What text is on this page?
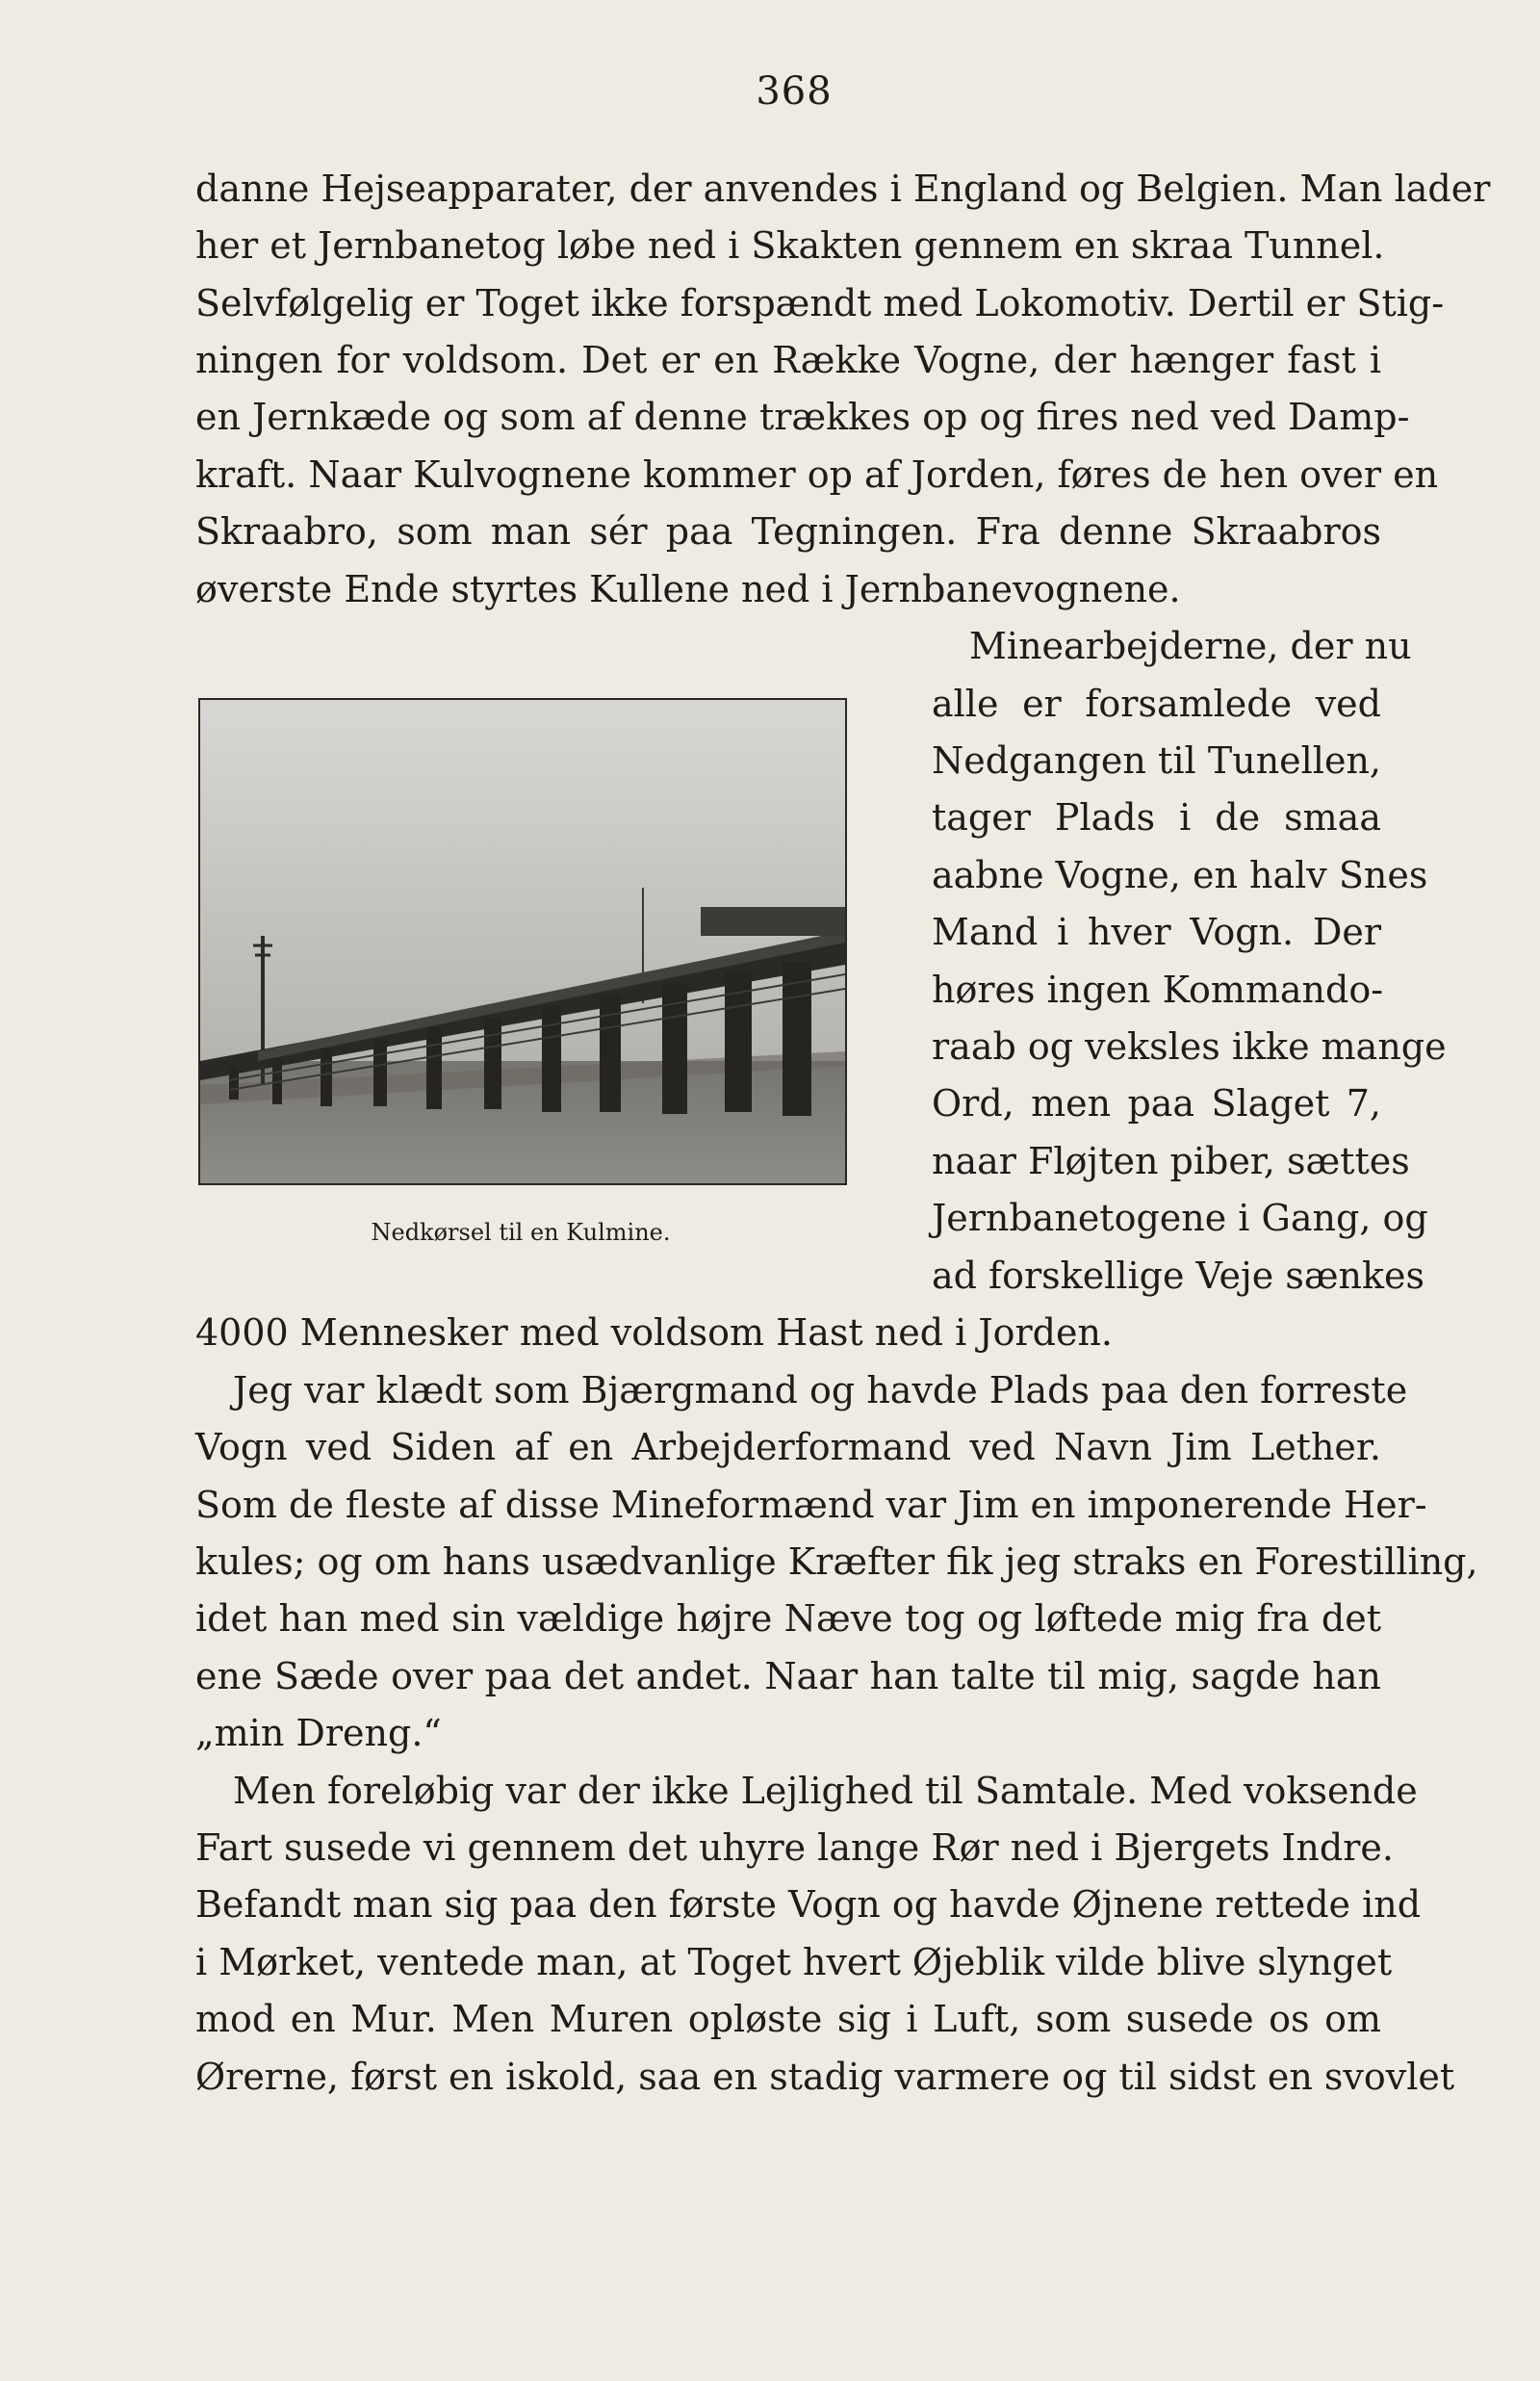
368
danne Hejseapparater, der anvendes i England og Belgien. Man lader
her et Jernbanetog løbe ned i Skakten gennem en skraa Tunnel.
Selvfølgelig er Toget ikke forspændt med Lokomotiv. Dertil er Stig-
ningen for voldsom. Det er en Række Vogne, der hænger fast i
en Jernkæde og som af denne trækkes op og fires ned ved Damp-
kraft. Naar Kulvognene kommer op af Jorden, føres de hen over en
Skraabro, som man sér paa Tegningen. Fra denne Skraabros
øverste Ende styrtes Kullene ned i Jernbanevognene.
Minearbejderne, der nu
alle er forsamlede ved
Nedgangen til Tunellen,
tager Plads i de smaa
aabne Vogne, en halv Snes
Mand i hver Vogn. Der
høres ingen Kommando-
raab og veksles ikke mange
Ord, men paa Slaget 7,
naar Fløjten piber, sættes
Jernbanetogene i Gang, og
ad forskellige Veje sænkes
Nedkørsel til en Kulmine.
4000 Mennesker med voldsom Hast ned i Jorden.
Jeg var klædt som Bjærgmand og havde Plads paa den forreste
Vogn ved Siden af en Arbejderformand ved Navn Jim Lether.
Som de fleste af disse Mineformænd var Jim en imponerende Her-
kules; og om hans usædvanlige Kræfter fik jeg straks en Forestilling,
idet han med sin vældige højre Næve tog og løftede mig fra det
ene Sæde over paa det andet. Naar han talte til mig, sagde han
„min Dreng.“
Men foreløbig var der ikke Lejlighed til Samtale. Med voksende
Fart susede vi gennem det uhyre lange Rør ned i Bjergets Indre.
Befandt man sig paa den første Vogn og havde Øjnene rettede ind
i Mørket, ventede man, at Toget hvert Øjeblik vilde blive slynget
mod en Mur. Men Muren opløste sig i Luft, som susede os om
Ørerne, først en iskold, saa en stadig varmere og til sidst en svovlet
